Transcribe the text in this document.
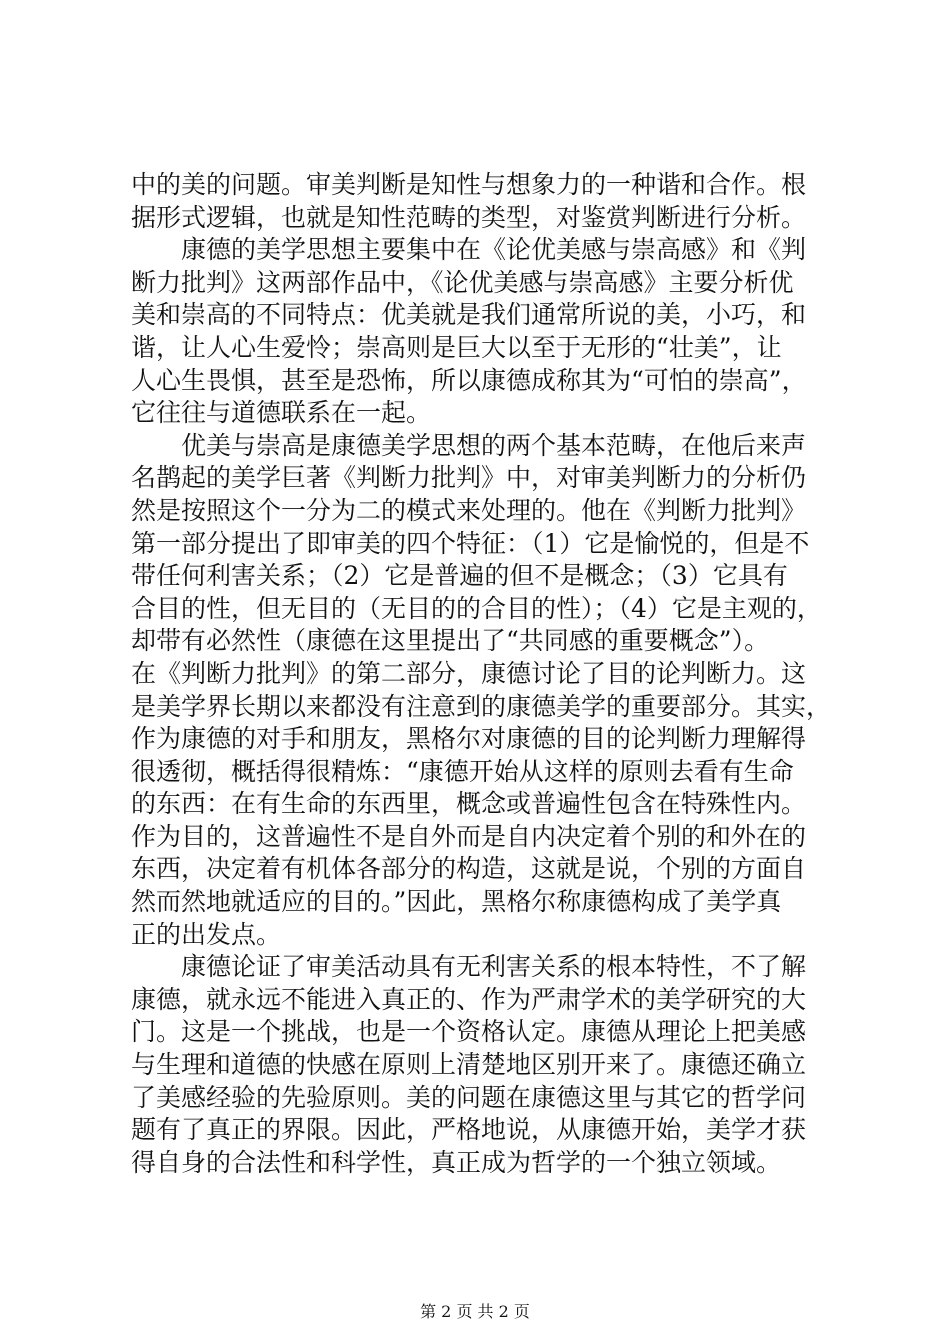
中的美的问题。审美判断是知性与想象力的一种谐和合作。根
据形式逻辑，也就是知性范畴的类型，对鉴赏判断进行分析。
　　康德的美学思想主要集中在《论优美感与崇高感》和《判
断力批判》这两部作品中，《论优美感与崇高感》主要分析优
美和崇高的不同特点：优美就是我们通常所说的美，小巧，和
谐，让人心生爱怜；崇高则是巨大以至于无形的“壮美”，让
人心生畏惧，甚至是恐怖，所以康德成称其为“可怕的崇高”，
它往往与道德联系在一起。
　　优美与崇高是康德美学思想的两个基本范畴，在他后来声
名鹊起的美学巨著《判断力批判》中，对审美判断力的分析仍
然是按照这个一分为二的模式来处理的。他在《判断力批判》
第一部分提出了即审美的四个特征：（1）它是愉悦的，但是不
带任何利害关系；（2）它是普遍的但不是概念；（3）它具有
合目的性，但无目的（无目的的合目的性）；（4）它是主观的，
却带有必然性（康德在这里提出了“共同感的重要概念”）。
在《判断力批判》的第二部分，康德讨论了目的论判断力。这
是美学界长期以来都没有注意到的康德美学的重要部分。其实，
作为康德的对手和朋友，黑格尔对康德的目的论判断力理解得
很透彻，概括得很精炼：“康德开始从这样的原则去看有生命
的东西：在有生命的东西里，概念或普遍性包含在特殊性内。
作为目的，这普遍性不是自外而是自内决定着个别的和外在的
东西，决定着有机体各部分的构造，这就是说，个别的方面自
然而然地就适应的目的。”因此，黑格尔称康德构成了美学真
正的出发点。
　　康德论证了审美活动具有无利害关系的根本特性，不了解
康德，就永远不能进入真正的、作为严肃学术的美学研究的大
门。这是一个挑战，也是一个资格认定。康德从理论上把美感
与生理和道德的快感在原则上清楚地区别开来了。康德还确立
了美感经验的先验原则。美的问题在康德这里与其它的哲学问
题有了真正的界限。因此，严格地说，从康德开始，美学才获
得自身的合法性和科学性，真正成为哲学的一个独立领域。
第 2 页 共 2 页
